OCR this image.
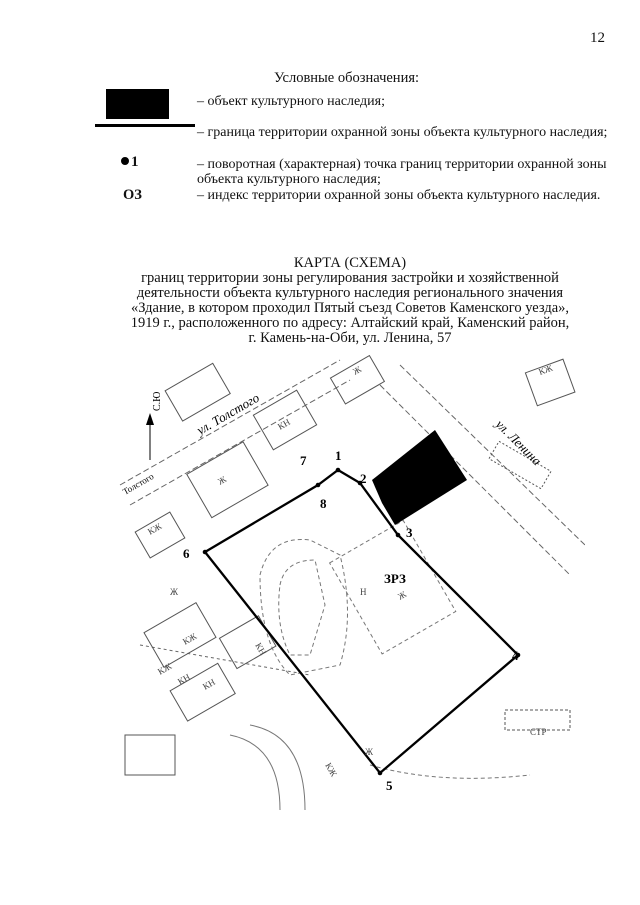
12
Условные обозначения:
– объект культурного наследия;
– граница территории охранной зоны объекта культурного наследия;
1	– поворотная (характерная) точка границ территории охранной зоны объекта культурного наследия;
ОЗ	– индекс территории охранной зоны объекта культурного наследия.
КАРТА (СХЕМА)
границ территории зоны регулирования застройки и хозяйственной
деятельности объекта культурного наследия регионального значения
«Здание, в котором проходил Пятый съезд Советов Каменского уезда»,
1919 г., расположенного по адресу: Алтайский край, Каменский район,
г. Камень-на-Оби, ул. Ленина, 57
1
2
3
4
5
6
7
8
ЗРЗ
С.Ю ул. Толстого
ул. Ленина
Толстого
Ж
КН
Ж
КЖ
КН
Ж
КН
Ж
КЖ
КЖ
КН
КЖ
Ж
КЖ
СТР
Н
